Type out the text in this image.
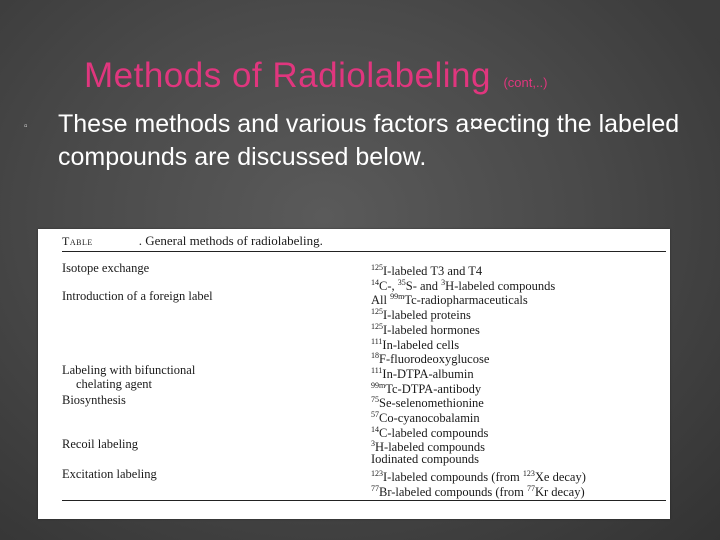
Methods of Radiolabeling (cont,..)
▫ These methods and various factors a¤ecting the labeled compounds are discussed below.
Table	. General methods of radiolabeling.
Isotope exchange
Introduction of a foreign label
Labeling with bifunctional
chelating agent
Biosynthesis
Recoil labeling
Excitation labeling
$^{125}$I-labeled T3 and T4
$^{14}$C-, $^{35}$S- and $^3$H-labeled compounds
All $^{99m}$Tc-radiopharmaceuticals
$^{125}$I-labeled proteins
$^{125}$I-labeled hormones
$^{111}$In-labeled cells
$^{18}$F-fluorodeoxyglucose
$^{111}$In-DTPA-albumin
$^{99m}$Tc-DTPA-antibody
$^{75}$Se-selenomethionine
$^{57}$Co-cyanocobalamin
$^{14}$C-labeled compounds
$^3$H-labeled compounds
Iodinated compounds
$^{123}$I-labeled compounds (from $^{123}$Xe decay)
$^{77}$Br-labeled compounds (from $^{77}$Kr decay)
